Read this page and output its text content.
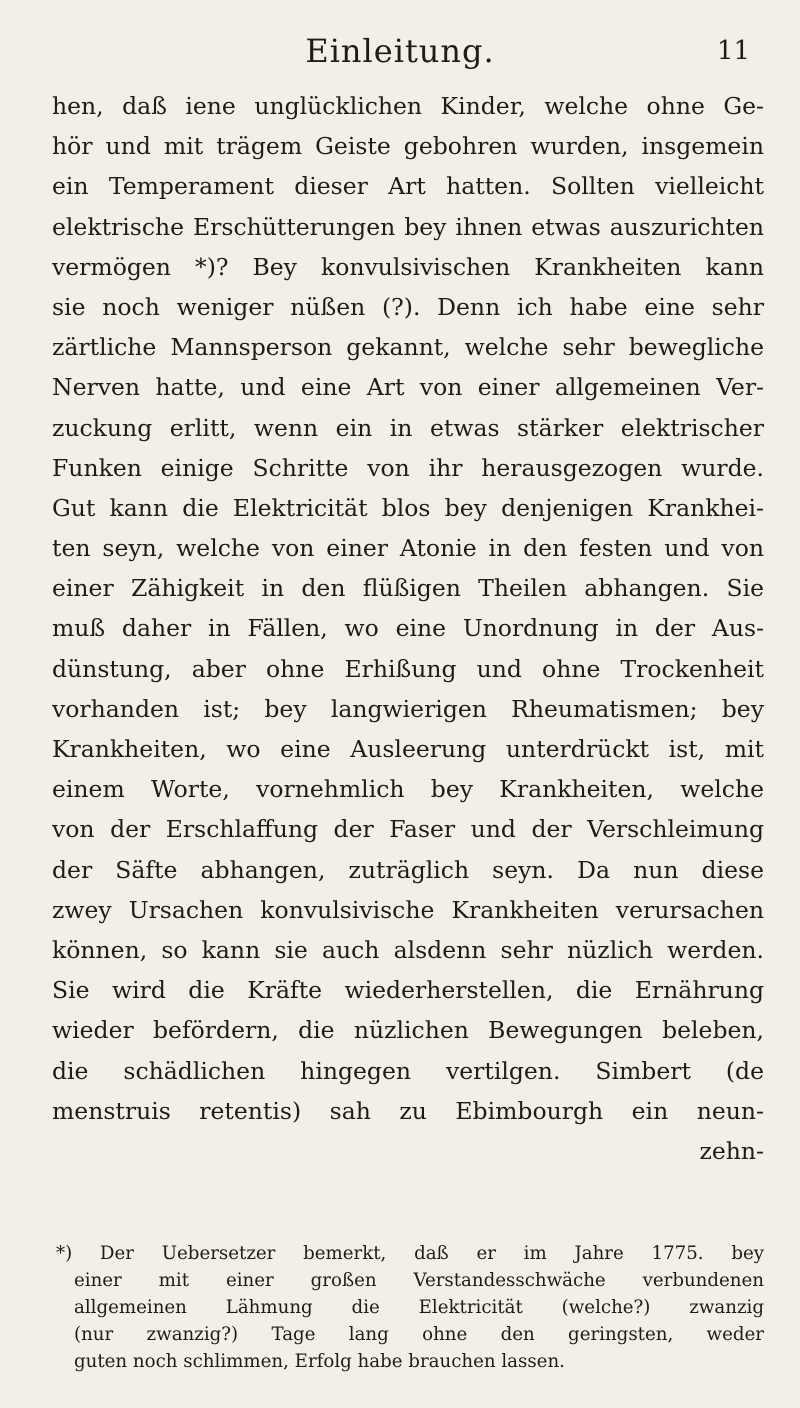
Einleitung.	11
hen, daß iene unglücklichen Kinder, welche ohne Ge-
hör und mit trägem Geiste gebohren wurden, insgemein
ein Temperament dieser Art hatten. Sollten vielleicht
elektrische Erschütterungen bey ihnen etwas auszurichten
vermögen *)? Bey konvulsivischen Krankheiten kann
sie noch weniger nüßen (?). Denn ich habe eine sehr
zärtliche Mannsperson gekannt, welche sehr bewegliche
Nerven hatte, und eine Art von einer allgemeinen Ver-
zuckung erlitt, wenn ein in etwas stärker elektrischer
Funken einige Schritte von ihr herausgezogen wurde.
Gut kann die Elektricität blos bey denjenigen Krankhei-
ten seyn, welche von einer Atonie in den festen und von
einer Zähigkeit in den flüßigen Theilen abhangen. Sie
muß daher in Fällen, wo eine Unordnung in der Aus-
dünstung, aber ohne Erhißung und ohne Trockenheit
vorhanden ist; bey langwierigen Rheumatismen; bey
Krankheiten, wo eine Ausleerung unterdrückt ist, mit
einem Worte, vornehmlich bey Krankheiten, welche
von der Erschlaffung der Faser und der Verschleimung
der Säfte abhangen, zuträglich seyn. Da nun diese
zwey Ursachen konvulsivische Krankheiten verursachen
können, so kann sie auch alsdenn sehr nüzlich werden.
Sie wird die Kräfte wiederherstellen, die Ernährung
wieder befördern, die nüzlichen Bewegungen beleben,
die schädlichen hingegen vertilgen. Simbert (de
menstruis retentis) sah zu Ebimbourgh ein neun-
zehn-
*) Der Uebersetzer bemerkt, daß er im Jahre 1775. bey
einer mit einer großen Verstandesschwäche verbundenen
allgemeinen Lähmung die Elektricität (welche?) zwanzig
(nur zwanzig?) Tage lang ohne den geringsten, weder
guten noch schlimmen, Erfolg habe brauchen lassen.
